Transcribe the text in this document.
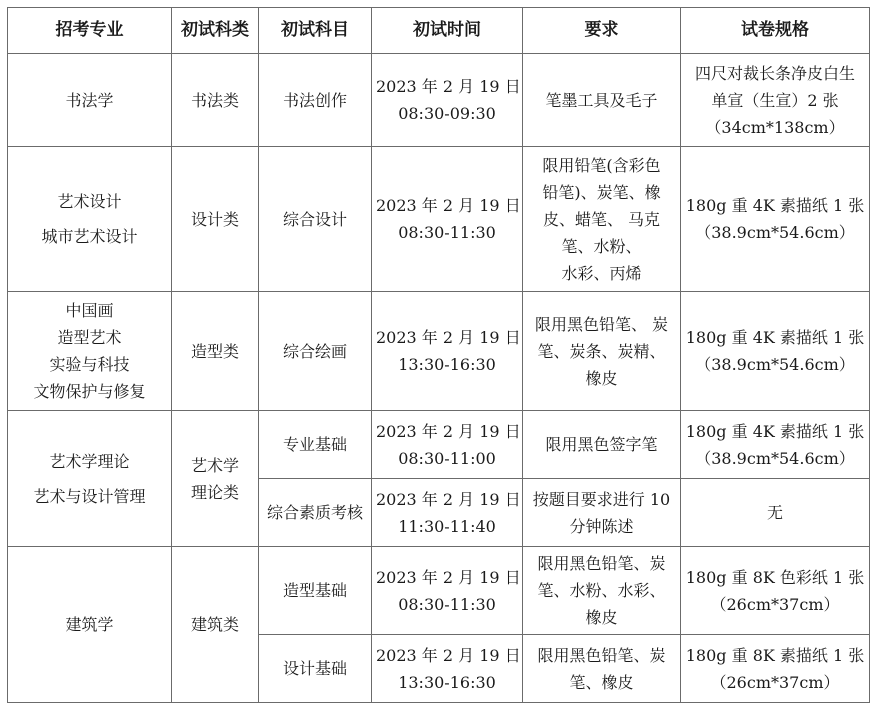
招考专业	初试科类	初试科目	初试时间	要求	试卷规格

书法学	书法类	书法创作	2023 年 2 月 19 日
08:30-09:30	笔墨工具及毛子	四尺对裁长条净皮白生
单宣（生宣）2 张
（34cm*138cm）

艺术设计
城市艺术设计	设计类	综合设计	2023 年 2 月 19 日
08:30-11:30	限用铅笔(含彩色
铅笔)、炭笔、橡
皮、蜡笔、 马克
笔、水粉、
水彩、丙烯	180g 重 4K 素描纸 1 张
（38.9cm*54.6cm）

中国画
造型艺术
实验与科技
文物保护与修复	造型类	综合绘画	2023 年 2 月 19 日
13:30-16:30	限用黑色铅笔、 炭
笔、炭条、炭精、
橡皮	180g 重 4K 素描纸 1 张
（38.9cm*54.6cm）

艺术学理论
艺术与设计管理	艺术学
理论类	专业基础	2023 年 2 月 19 日
08:30-11:00	限用黑色签字笔	180g 重 4K 素描纸 1 张
（38.9cm*54.6cm）

		综合素质考核	2023 年 2 月 19 日
11:30-11:40	按题目要求进行 10
分钟陈述	无

建筑学	建筑类	造型基础	2023 年 2 月 19 日
08:30-11:30	限用黑色铅笔、炭
笔、水粉、水彩、
橡皮	180g 重 8K 色彩纸 1 张
（26cm*37cm）

		设计基础	2023 年 2 月 19 日
13:30-16:30	限用黑色铅笔、炭
笔、橡皮	180g 重 8K 素描纸 1 张
（26cm*37cm）
